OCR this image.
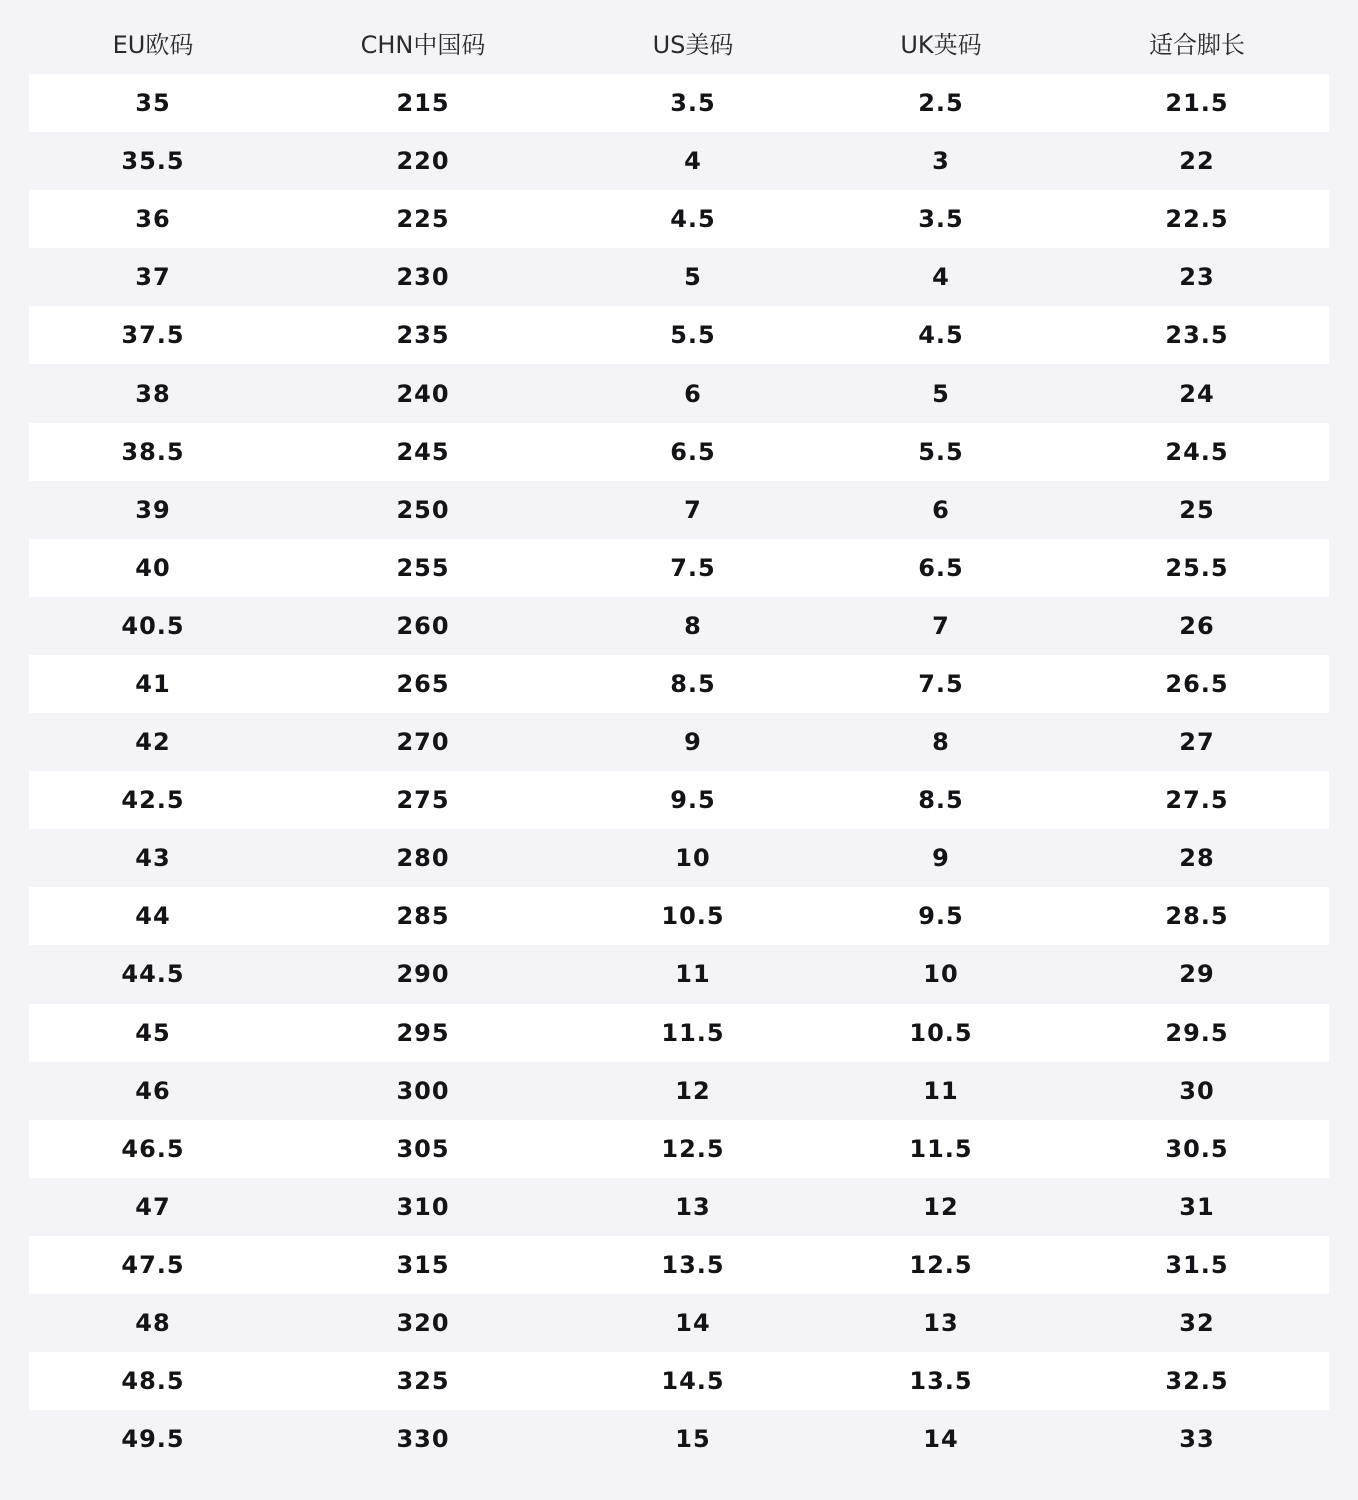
EU欧码	CHN中国码	US美码	UK英码	适合脚长
35	215	3.5	2.5	21.5
35.5	220	4	3	22
36	225	4.5	3.5	22.5
37	230	5	4	23
37.5	235	5.5	4.5	23.5
38	240	6	5	24
38.5	245	6.5	5.5	24.5
39	250	7	6	25
40	255	7.5	6.5	25.5
40.5	260	8	7	26
41	265	8.5	7.5	26.5
42	270	9	8	27
42.5	275	9.5	8.5	27.5
43	280	10	9	28
44	285	10.5	9.5	28.5
44.5	290	11	10	29
45	295	11.5	10.5	29.5
46	300	12	11	30
46.5	305	12.5	11.5	30.5
47	310	13	12	31
47.5	315	13.5	12.5	31.5
48	320	14	13	32
48.5	325	14.5	13.5	32.5
49.5	330	15	14	33
